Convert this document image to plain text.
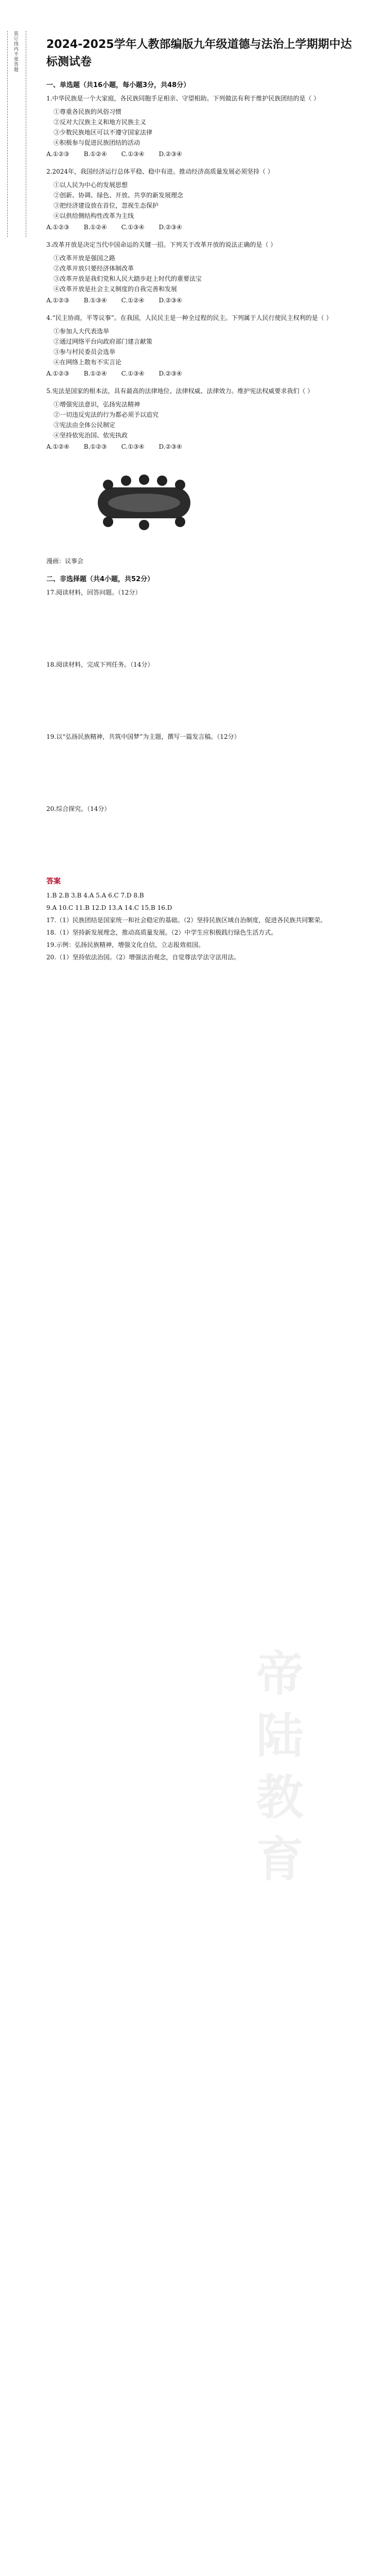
装订线内不要答题
帝陆教育
2024-2025学年人教部编版九年级道德与法治上学期期中达标测试卷
一、单选题（共16小题，每小题3分，共48分）
1.中华民族是一个大家庭，各民族同胞手足相亲、守望相助。下列做法有利于维护民族团结的是（ ）
①尊重各民族的风俗习惯
②反对大汉族主义和地方民族主义
③少数民族地区可以不遵守国家法律
④积极参与促进民族团结的活动
A.①②③ B.①②④ C.①③④ D.②③④
2.2024年，我国经济运行总体平稳、稳中有进。推动经济高质量发展必须坚持（ ）
①以人民为中心的发展思想
②创新、协调、绿色、开放、共享的新发展理念
③把经济建设放在首位，忽视生态保护
④以供给侧结构性改革为主线
A.①②③ B.①②④ C.①③④ D.②③④
3.改革开放是决定当代中国命运的关键一招。下列关于改革开放的说法正确的是（ ）
①改革开放是强国之路
②改革开放只要经济体制改革
③改革开放是我们党和人民大踏步赶上时代的重要法宝
④改革开放是社会主义制度的自我完善和发展
A.①②③ B.①③④ C.①②④ D.②③④
4.“民主协商，平等议事”。在我国，人民民主是一种全过程的民主。下列属于人民行使民主权利的是（ ）
①参加人大代表选举
②通过网络平台向政府部门建言献策
③参与村民委员会选举
④在网络上散布不实言论
A.①②③ B.①②④ C.①③④ D.②③④
5.宪法是国家的根本法，具有最高的法律地位、法律权威、法律效力。维护宪法权威要求我们（ ）
①增强宪法意识，弘扬宪法精神
②一切违反宪法的行为都必须予以追究
③宪法由全体公民制定
④坚持依宪治国、依宪执政
A.①②④ B.①②③ C.①③④ D.②③④
漫画：议事会
二、非选择题（共4小题，共52分）
17.阅读材料，回答问题。（12分）
18.阅读材料，完成下列任务。（14分）
19.以“弘扬民族精神，共筑中国梦”为主题，撰写一篇发言稿。（12分）
20.综合探究。（14分）
答案
1.B 2.B 3.B 4.A 5.A 6.C 7.D 8.B
9.A 10.C 11.B 12.D 13.A 14.C 15.B 16.D
17.（1）民族团结是国家统一和社会稳定的基础。（2）坚持民族区域自治制度，促进各民族共同繁荣。
18.（1）坚持新发展理念，推动高质量发展。（2）中学生应积极践行绿色生活方式。
19.示例：弘扬民族精神，增强文化自信，立志报效祖国。
20.（1）坚持依法治国。（2）增强法治观念，自觉尊法学法守法用法。
